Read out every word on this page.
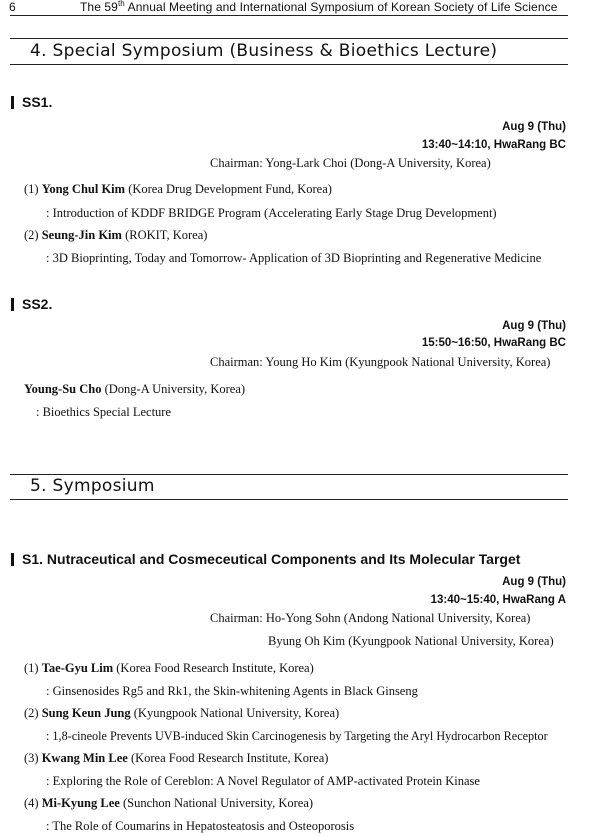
6	The 59th Annual Meeting and International Symposium of Korean Society of Life Science
4. Special Symposium (Business & Bioethics Lecture)
SS1.
Aug 9 (Thu)
13:40~14:10, HwaRang BC
Chairman: Yong-Lark Choi (Dong-A University, Korea)
(1) Yong Chul Kim (Korea Drug Development Fund, Korea)
: Introduction of KDDF BRIDGE Program (Accelerating Early Stage Drug Development)
(2) Seung-Jin Kim (ROKIT, Korea)
: 3D Bioprinting, Today and Tomorrow- Application of 3D Bioprinting and Regenerative Medicine
SS2.
Aug 9 (Thu)
15:50~16:50, HwaRang BC
Chairman: Young Ho Kim (Kyungpook National University, Korea)
Young-Su Cho (Dong-A University, Korea)
: Bioethics Special Lecture
5. Symposium
S1. Nutraceutical and Cosmeceutical Components and Its Molecular Target
Aug 9 (Thu)
13:40~15:40, HwaRang A
Chairman: Ho-Yong Sohn (Andong National University, Korea)
Byung Oh Kim (Kyungpook National University, Korea)
(1) Tae-Gyu Lim (Korea Food Research Institute, Korea)
: Ginsenosides Rg5 and Rk1, the Skin-whitening Agents in Black Ginseng
(2) Sung Keun Jung (Kyungpook National University, Korea)
: 1,8-cineole Prevents UVB-induced Skin Carcinogenesis by Targeting the Aryl Hydrocarbon Receptor
(3) Kwang Min Lee (Korea Food Research Institute, Korea)
: Exploring the Role of Cereblon: A Novel Regulator of AMP-activated Protein Kinase
(4) Mi-Kyung Lee (Sunchon National University, Korea)
: The Role of Coumarins in Hepatosteatosis and Osteoporosis
